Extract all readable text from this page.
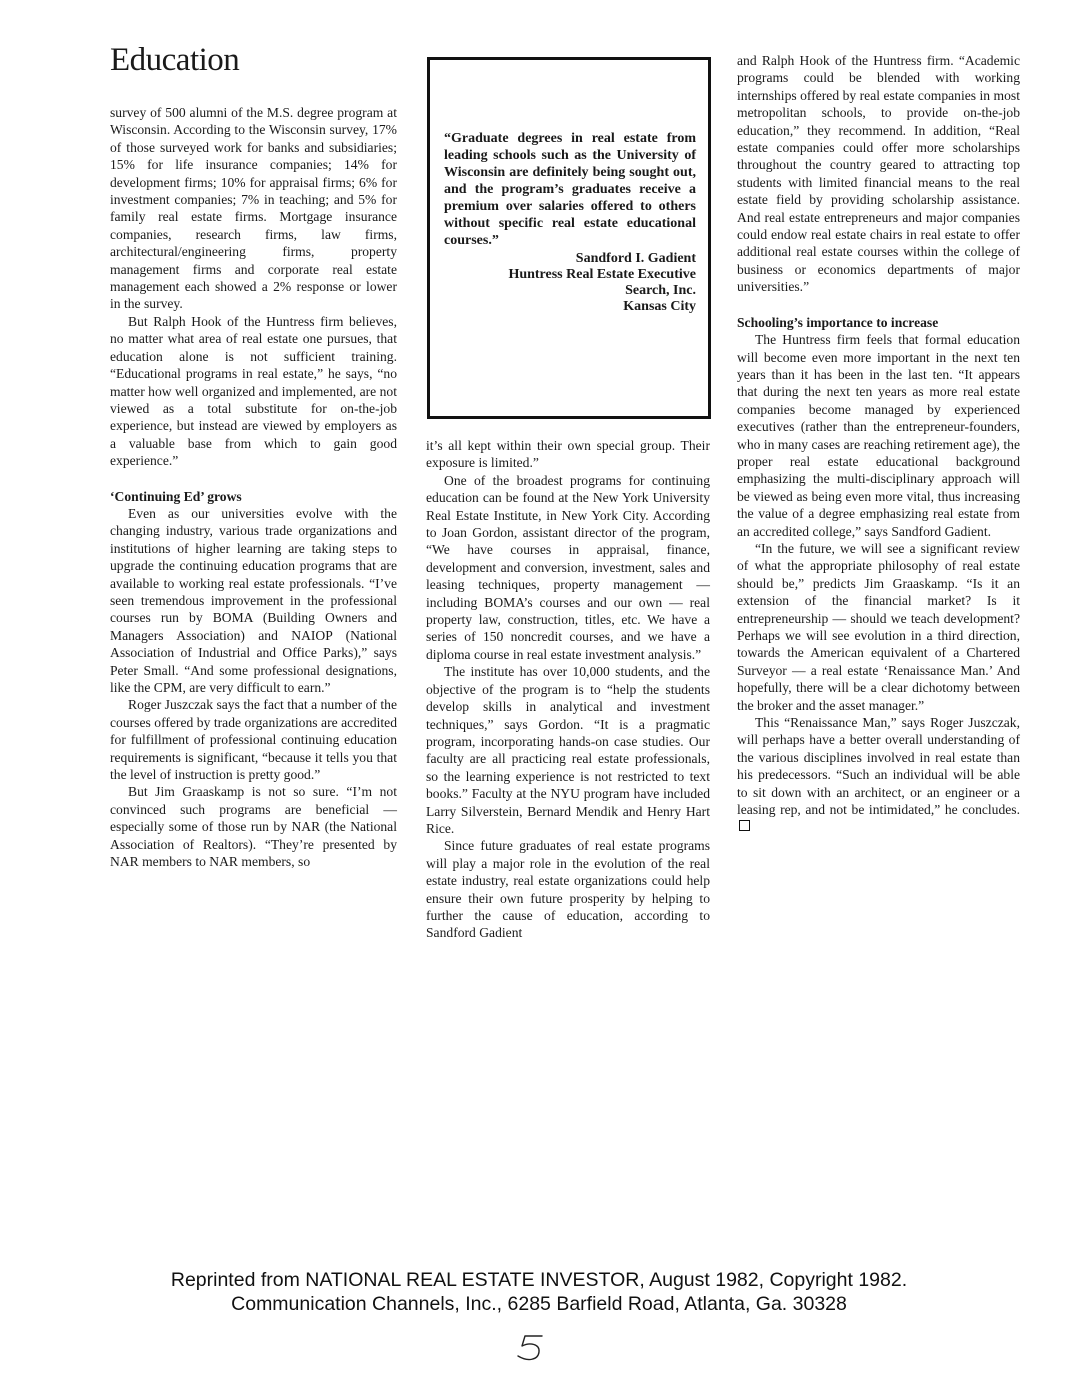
Education

survey of 500 alumni of the M.S. degree program at Wisconsin. According to the Wisconsin survey, 17% of those surveyed work for banks and subsidiaries; 15% for life insurance companies; 14% for development firms; 10% for appraisal firms; 6% for investment companies; 7% in teaching; and 5% for family real estate firms. Mortgage insurance companies, research firms, law firms, architectural/engineering firms, property management firms and corporate real estate management each showed a 2% response or lower in the survey.

But Ralph Hook of the Huntress firm believes, no matter what area of real estate one pursues, that education alone is not sufficient training. “Educational programs in real estate,” he says, “no matter how well organized and implemented, are not viewed as a total substitute for on-the-job experience, but instead are viewed by employers as a valuable base from which to gain good experience.”

‘Continuing Ed’ grows

Even as our universities evolve with the changing industry, various trade organizations and institutions of higher learning are taking steps to upgrade the continuing education programs that are available to working real estate professionals. “I’ve seen tremendous improvement in the professional courses run by BOMA (Building Owners and Managers Association) and NAIOP (National Association of Industrial and Office Parks),” says Peter Small. “And some professional designations, like the CPM, are very difficult to earn.”

Roger Juszczak says the fact that a number of the courses offered by trade organizations are accredited for fulfillment of professional continuing education requirements is significant, “because it tells you that the level of instruction is pretty good.”

But Jim Graaskamp is not so sure. “I’m not convinced such programs are beneficial — especially some of those run by NAR (the National Association of Realtors). “They’re presented by NAR members to NAR members, so

“Graduate degrees in real estate from leading schools such as the University of Wisconsin are definitely being sought out, and the program’s graduates receive a premium over salaries offered to others without specific real estate educational courses.”
Sandford I. Gadient
Huntress Real Estate Executive
Search, Inc.
Kansas City

it’s all kept within their own special group. Their exposure is limited.”

One of the broadest programs for continuing education can be found at the New York University Real Estate Institute, in New York City. According to Joan Gordon, assistant director of the program, “We have courses in appraisal, finance, development and conversion, investment, sales and leasing techniques, property management — including BOMA’s courses and our own — real property law, construction, titles, etc. We have a series of 150 noncredit courses, and we have a diploma course in real estate investment analysis.”

The institute has over 10,000 students, and the objective of the program is to “help the students develop skills in analytical and investment techniques,” says Gordon. “It is a pragmatic program, incorporating hands-on case studies. Our faculty are all practicing real estate professionals, so the learning experience is not restricted to text books.” Faculty at the NYU program have included Larry Silverstein, Bernard Mendik and Henry Hart Rice.

Since future graduates of real estate programs will play a major role in the evolution of the real estate industry, real estate organizations could help ensure their own future prosperity by helping to further the cause of education, according to Sandford Gadient

and Ralph Hook of the Huntress firm. “Academic programs could be blended with working internships offered by real estate companies in most metropolitan schools, to provide on-the-job education,” they recommend. In addition, “Real estate companies could offer more scholarships throughout the country geared to attracting top students with limited financial means to the real estate field by providing scholarship assistance. And real estate entrepreneurs and major companies could endow real estate chairs in real estate to offer additional real estate courses within the college of business or economics departments of major universities.”

Schooling’s importance to increase

The Huntress firm feels that formal education will become even more important in the next ten years than it has been in the last ten. “It appears that during the next ten years as more real estate companies become managed by experienced executives (rather than the entrepreneur-founders, who in many cases are reaching retirement age), the proper real estate educational background emphasizing the multi-disciplinary approach will be viewed as being even more vital, thus increasing the value of a degree emphasizing real estate from an accredited college,” says Sandford Gadient.

“In the future, we will see a significant review of what the appropriate philosophy of real estate should be,” predicts Jim Graaskamp. “Is it an extension of the financial market? Is it entrepreneurship — should we teach development? Perhaps we will see evolution in a third direction, towards the American equivalent of a Chartered Surveyor — a real estate ‘Renaissance Man.’ And hopefully, there will be a clear dichotomy between the broker and the asset manager.”

This “Renaissance Man,” says Roger Juszczak, will perhaps have a better overall understanding of the various disciplines involved in real estate than his predecessors. “Such an individual will be able to sit down with an architect, or an engineer or a leasing rep, and not be intimidated,” he concludes.

Reprinted from NATIONAL REAL ESTATE INVESTOR, August 1982, Copyright 1982.
Communication Channels, Inc., 6285 Barfield Road, Atlanta, Ga. 30328
